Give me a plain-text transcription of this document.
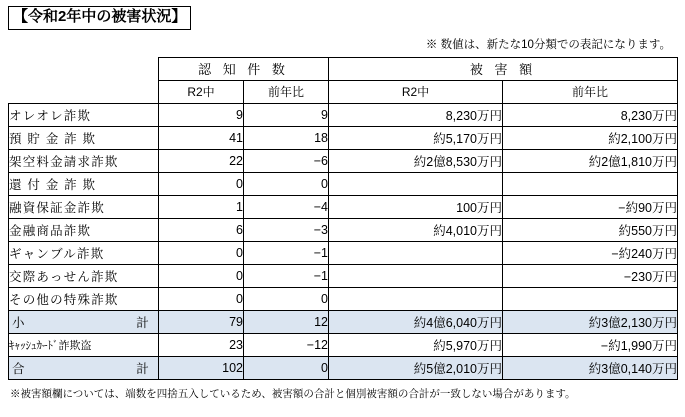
【令和2年中の被害状況】
※ 数値は、新たな10分類での表記になります。
	認 知 件 数		被 害 額	
	R2中	前年比	R2中	前年比
オレオレ詐欺	9	9	8,230万円	8,230万円
預 貯 金 詐 欺	41	18	約5,170万円	約2,100万円
架空料金請求詐欺	22	−6	約2億8,530万円	約2億1,810万円
還 付 金 詐 欺	0	0		
融資保証金詐欺	1	−4	100万円	−約90万円
金融商品詐欺	6	−3	約4,010万円	約550万円
ギャンブル詐欺	0	−1		−約240万円
交際あっせん詐欺	0	−1		−230万円
その他の特殊詐欺	0	0		

小 計	79	12	約4億6,040万円	約3億2,130万円
ｷｬｯｼｭｶｰﾄﾞ詐欺盗	23	−12	約5,970万円	−約1,990万円

合 計	102	0	約5億2,010万円	約3億0,140万円
※被害額欄については、端数を四捨五入しているため、被害額の合計と個別被害額の合計が一致しない場合があります。
